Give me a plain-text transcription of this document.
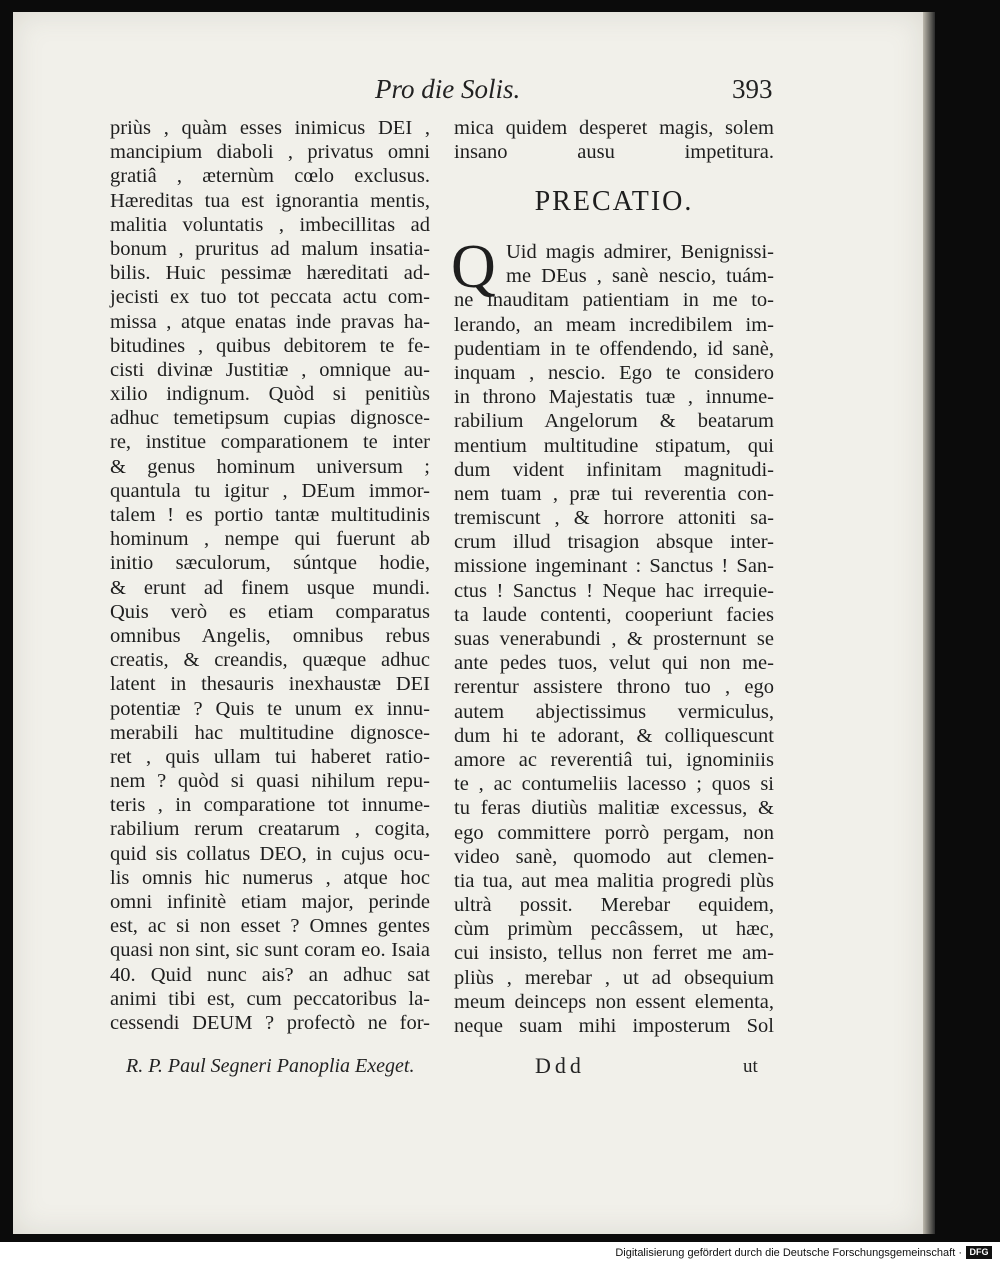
Pro die Solis.	393
priùs , quàm esses inimicus DEI ,
mancipium diaboli , privatus omni
gratiâ , æternùm cœlo exclusus.
Hæreditas tua est ignorantia mentis,
malitia voluntatis , imbecillitas ad
bonum , pruritus ad malum insatia-
bilis. Huic pessimæ hæreditati ad-
jecisti ex tuo tot peccata actu com-
missa , atque enatas inde pravas ha-
bitudines , quibus debitorem te fe-
cisti divinæ Justitiæ , omnique au-
xilio indignum. Quòd si penitiùs
adhuc temetipsum cupias dignosce-
re, institue comparationem te inter
& genus hominum universum ;
quantula tu igitur , DEum immor-
talem ! es portio tantæ multitudinis
hominum , nempe qui fuerunt ab
initio sæculorum, súntque hodie,
& erunt ad finem usque mundi.
Quis verò es etiam comparatus
omnibus Angelis, omnibus rebus
creatis, & creandis, quæque adhuc
latent in thesauris inexhaustæ DEI
potentiæ ? Quis te unum ex innu-
merabili hac multitudine dignosce-
ret , quis ullam tui haberet ratio-
nem ? quòd si quasi nihilum repu-
teris , in comparatione tot innume-
rabilium rerum creatarum , cogita,
quid sis collatus DEO, in cujus ocu-
lis omnis hic numerus , atque hoc
omni infinitè etiam major, perinde
est, ac si non esset ? Omnes gentes
quasi non sint, sic sunt coram eo. Isaia
40. Quid nunc ais? an adhuc sat
animi tibi est, cum peccatoribus la-
cessendi DEUM ? profectò ne for-
mica quidem desperet magis, solem
insano ausu impetitura.
PRECATIO.
Q Uid magis admirer, Benignissi-
me DEus , sanè nescio, tuám-
ne inauditam patientiam in me to-
lerando, an meam incredibilem im-
pudentiam in te offendendo, id sanè,
inquam , nescio. Ego te considero
in throno Majestatis tuæ , innume-
rabilium Angelorum & beatarum
mentium multitudine stipatum, qui
dum vident infinitam magnitudi-
nem tuam , præ tui reverentia con-
tremiscunt , & horrore attoniti sa-
crum illud trisagion absque inter-
missione ingeminant : Sanctus ! San-
ctus ! Sanctus ! Neque hac irrequie-
ta laude contenti, cooperiunt facies
suas venerabundi , & prosternunt se
ante pedes tuos, velut qui non me-
rerentur assistere throno tuo , ego
autem abjectissimus vermiculus,
dum hi te adorant, & colliquescunt
amore ac reverentiâ tui, ignominiis
te , ac contumeliis lacesso ; quos si
tu feras diutiùs malitiæ excessus, &
ego committere porrò pergam, non
video sanè, quomodo aut clemen-
tia tua, aut mea malitia progredi plùs
ultrà possit. Merebar equidem,
cùm primùm peccâssem, ut hæc,
cui insisto, tellus non ferret me am-
pliùs , merebar , ut ad obsequium
meum deinceps non essent elementa,
neque suam mihi imposterum Sol
R. P. Paul Segneri Panoplia Exeget.	Ddd	ut
Digitalisierung gefördert durch die Deutsche Forschungsgemeinschaft · DFG
